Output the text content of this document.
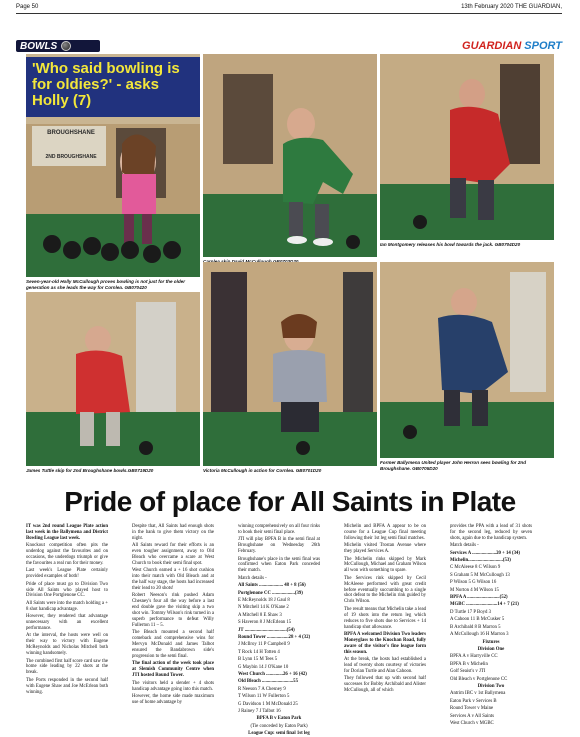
Page 50	13th February 2020 THE GUARDIAN,
BOWLS	GUARDIAN SPORT
BROUGHSHANE
2ND BROUGHSHANE
'Who said bowling is for oldies?' - asks Holly (7)
Seven-year-old Holly McCullough proves bowling is not just for the older generation as she leads the way for Cornlea. GB070420
Ian Montgomery releases his bowl towards the jack. GB0704D20
James Tuttle skip for 2nd Broughshane bowls.GB0719D20	Victoria McCullough in action for Cornlea. GB0701D20
Former Ballymena United player John Herron sees bowling for 2nd Broughshane. GB0705D20
Pride of place for All Saints in Plate

IT was 2nd round League Plate action last week in the Ballymena and District Bowling League last week.

Knockout competition often pits the underdog against the favourites and on occasions, the underdogs triumph or give the favourites a real run for their money.

Last week's League Plate certainly provided examples of both!

Pride of place must go to Division Two side All Saints who played host to Division One Portglenone CC.

All Saints were into the match holding a + 8 shot handicap advantage.

However, they rendered that advantage unnecessary with an excellent performance.

At the interval, the hosts were well on their way to victory with Eugene McReynolds and Nicholas Mitchell both winning handsomely.

The combined first half score card saw the home side leading by 22 shots at the break.

The Ports responded in the second half with Eugene Shaw and Joe McErlean both winning.

Despite that, All Saints had enough shots in the bank to give them victory on the night.

All Saints reward for their efforts is an even tougher assignment, away to Old Bleach who overcame a scare at West Church to book their semi final spot.

West Church earned a + 16 shot cushion into their match with Old Bleach and at the half way stage, the hosts had increased their lead to 20 shots!

Robert Neeson's rink pushed Adam Chesney's four all the way before a last end double gave the visiting skip a two shot win. Tommy Wilson's rink turned in a superb performance to defeat Willy Fullerton 11 – 5.

The Bleach mounted a second half comeback and comprehensive wins for Mervyn McDonald and James Talbot ensured the Bandabrown side's progression to the semi final.

The final action of the week took place at Slemish Community Centre when JTI hosted Round Tower.

The visitors held a slender + 4 shots handicap advantage going into this match.

However, the home side made maximum use of home advantage by

winning comprehensively on all four rinks to book their semi final place.

JTI will play BPFA B in the semi final at Broughshane on Wednesday 26th February.

Broughshane's place in the semi final was confirmed when Eaton Park conceded their match.

Match details -

All Saints .................... 48 + 8 (56)

Portglenone CC ...................(39)

E McReynolds 18 J Gaul 8

N Mitchell 14 K O'Kane 2

A Mitchell 8 E Shaw 3

S Haveron 8 J McErlean 15

JT ...................................(54)

Round Tower ..................28 + 4 (32)

J McIlroy 11 P Campbell 9

T Rock 14 H Totten 4

B Lynn 15 M Tees 5

G Maybin 14 J O'Kane 10

West Church ..............26 + 16 (42)

Old Bleach ..........................55

R Neeson 7 A Chesney 9

T Wilson 11 W Fullerton 5

G Davidson 1 M McDonald 25

J Rainey 7 J Talbot 16

BPFA B v Eaton Park

(Tie conceded by Eaton Park)

League Cup: semi final 1st leg

Michelin and BPFA A appear to be on course for a League Cup final meeting following their 1st leg semi final matches.

Michelin visited Trostan Avenue where they played Services A.

The Michelin rinks skipped by Mark McCullough, Michael and Graham Wilson all won with something to spare.

The Services rink skipped by Cecil McAleese performed with great credit before eventually succumbing to a single shot defeat to the Michelin rink guided by Chris Wilson.

The result means that Michelin take a lead of 19 shots into the return leg which reduces to five shots due to Services + 14 handicap shot allowance.

BPFA A welcomed Division Two leaders Moneyglass to the Knochan Road, fully aware of the visitor's fine league form this season.

At the break, the hosts had established a lead of twenty shots courtesy of victories for Dorian Turtle and Alan Cahoon.

They followed that up with second half successes for Bobby Archibald and Alister McCullough, all of which

provides the PPA with a lead of 31 shots for the second leg, reduced by seven shots, again due to the handicap system.

Match details -

Services A ....................20 + 14 (34)

Michelin.............................(53)

C McAleese 8 C Wilson 9

S Graham 5 M McCullough 13

P Wilson 5 G Wilson 16

M Norton 4 M Wilson 15

BPFA A ...........................(52)

MGBC ..........................14 + 7 (21)

D Turtle 17 P Boyd 3

A Cahoon 11 B McCusker 5

B Archibald 8 B Marron 5

A McCullough 16 H Marron 3

Fixtures

Division One

BPFA A v Harryville CC

BPFA B v Michelin

Golf Seaist's v JTI

Old Bleach v Portglenone CC

Division Two

Antrim IBC v 1st Ballymena

Eaton Park v Services B

Round Tower v Maine

Services A v All Saints

West Church v MGBC
